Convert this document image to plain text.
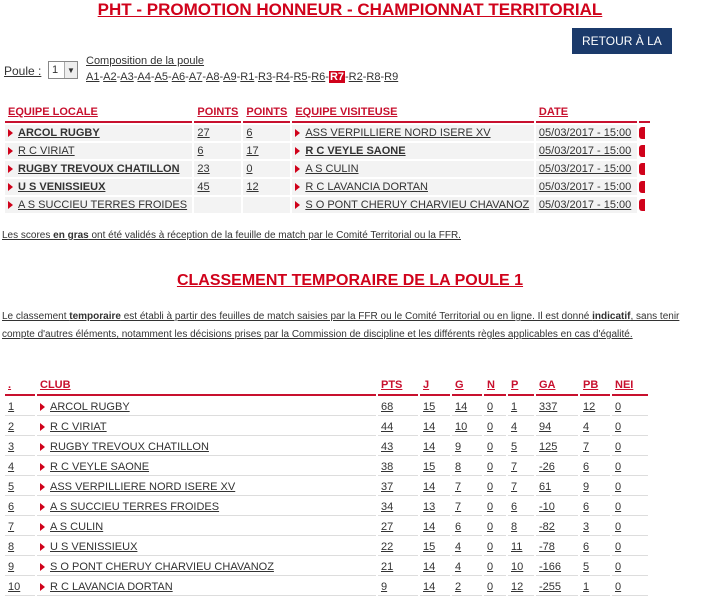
PHT - PROMOTION HONNEUR - CHAMPIONNAT TERRITORIAL
RETOUR À LA
Poule : 1	▼
Composition de la poule
A1-A2-A3-A4-A5-A6-A7-A8-A9-R1-R3-R4-R5-R6-R7-R2-R8-R9
EQUIPE LOCALE	POINTS	POINTS	EQUIPE VISITEUSE	DATE	
ARCOL RUGBY	27	6	ASS VERPILLIERE NORD ISERE XV	05/03/2017 - 15:00	
R C VIRIAT	6	17	R C VEYLE SAONE	05/03/2017 - 15:00	
RUGBY TREVOUX CHATILLON	23	0	A S CULIN	05/03/2017 - 15:00	
U S VENISSIEUX	45	12	R C LAVANCIA DORTAN	05/03/2017 - 15:00	
A S SUCCIEU TERRES FROIDES			S O PONT CHERUY CHARVIEU CHAVANOZ	05/03/2017 - 15:00	
Les scores en gras ont été validés à réception de la feuille de match par le Comité Territorial ou la FFR.
CLASSEMENT TEMPORAIRE DE LA POULE 1
Le classement temporaire est établi à partir des feuilles de match saisies par la FFR ou le Comité Territorial ou en ligne. Il est donné indicatif, sans tenir compte d'autres éléments, notamment les décisions prises par la Commission de discipline et les différents règles applicables en cas d'égalité.
.	CLUB	PTS	J	G	N	P	GA	PB	NEI
1	ARCOL RUGBY	68	15	14	0	1	337	12	0
2	R C VIRIAT	44	14	10	0	4	94	4	0
3	RUGBY TREVOUX CHATILLON	43	14	9	0	5	125	7	0
4	R C VEYLE SAONE	38	15	8	0	7	-26	6	0
5	ASS VERPILLIERE NORD ISERE XV	37	14	7	0	7	61	9	0
6	A S SUCCIEU TERRES FROIDES	34	13	7	0	6	-10	6	0
7	A S CULIN	27	14	6	0	8	-82	3	0
8	U S VENISSIEUX	22	15	4	0	11	-78	6	0
9	S O PONT CHERUY CHARVIEU CHAVANOZ	21	14	4	0	10	-166	5	0
10	R C LAVANCIA DORTAN	9	14	2	0	12	-255	1	0
